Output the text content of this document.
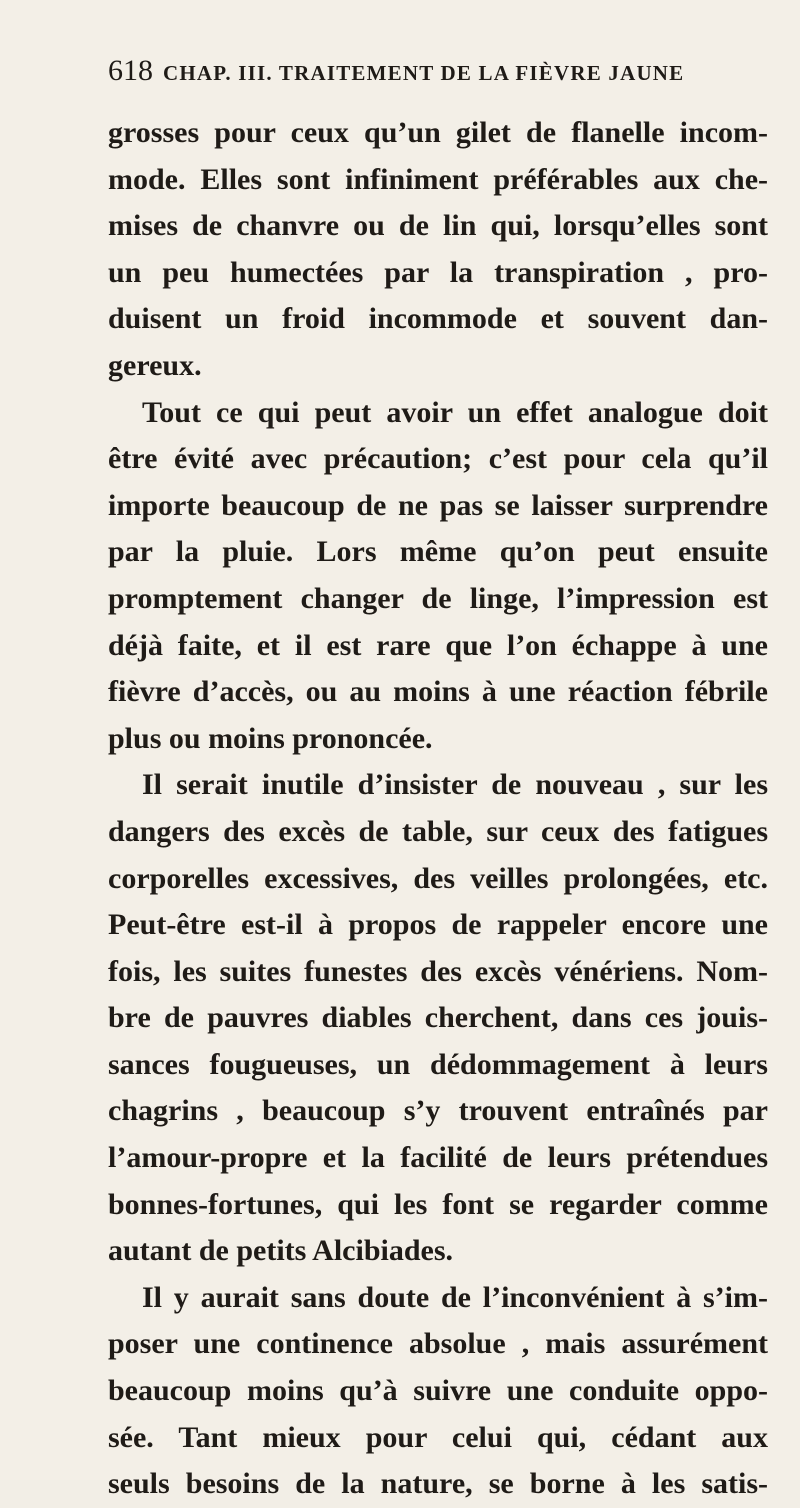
618 CHAP. III. TRAITEMENT DE LA FIÈVRE JAUNE
grosses pour ceux qu’un gilet de flanelle incom-
mode. Elles sont infiniment préférables aux che-
mises de chanvre ou de lin qui, lorsqu’elles sont
un peu humectées par la transpiration , pro-
duisent un froid incommode et souvent dan-
gereux.
Tout ce qui peut avoir un effet analogue doit
être évité avec précaution; c’est pour cela qu’il
importe beaucoup de ne pas se laisser surprendre
par la pluie. Lors même qu’on peut ensuite
promptement changer de linge, l’impression est
déjà faite, et il est rare que l’on échappe à une
fièvre d’accès, ou au moins à une réaction fébrile
plus ou moins prononcée.
Il serait inutile d’insister de nouveau , sur les
dangers des excès de table, sur ceux des fatigues
corporelles excessives, des veilles prolongées, etc.
Peut-être est-il à propos de rappeler encore une
fois, les suites funestes des excès vénériens. Nom-
bre de pauvres diables cherchent, dans ces jouis-
sances fougueuses, un dédommagement à leurs
chagrins , beaucoup s’y trouvent entraînés par
l’amour-propre et la facilité de leurs prétendues
bonnes-fortunes, qui les font se regarder comme
autant de petits Alcibiades.
Il y aurait sans doute de l’inconvénient à s’im-
poser une continence absolue , mais assurément
beaucoup moins qu’à suivre une conduite oppo-
sée. Tant mieux pour celui qui, cédant aux
seuls besoins de la nature, se borne à les satis-
